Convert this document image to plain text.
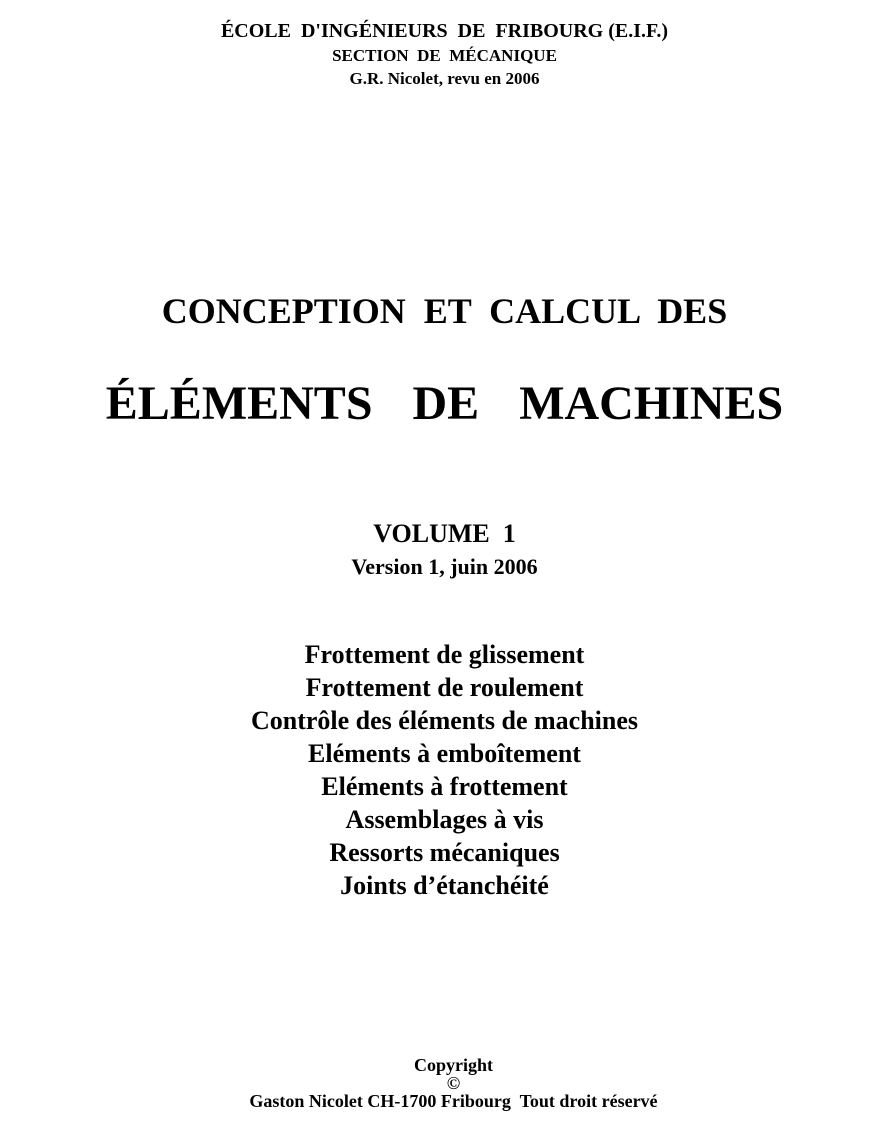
ÉCOLE  D'INGÉNIEURS  DE  FRIBOURG (E.I.F.)
SECTION  DE  MÉCANIQUE
G.R. Nicolet, revu en 2006
CONCEPTION  ET  CALCUL  DES
ÉLÉMENTS  DE  MACHINES
VOLUME  1
Version 1, juin 2006
Frottement de glissement
Frottement de roulement
Contrôle des éléments de machines
Eléments à emboîtement
Eléments à frottement
Assemblages à vis
Ressorts mécaniques
Joints d’étanchéité

Copyright
©
Gaston Nicolet CH-1700 Fribourg  Tout droit réservé
